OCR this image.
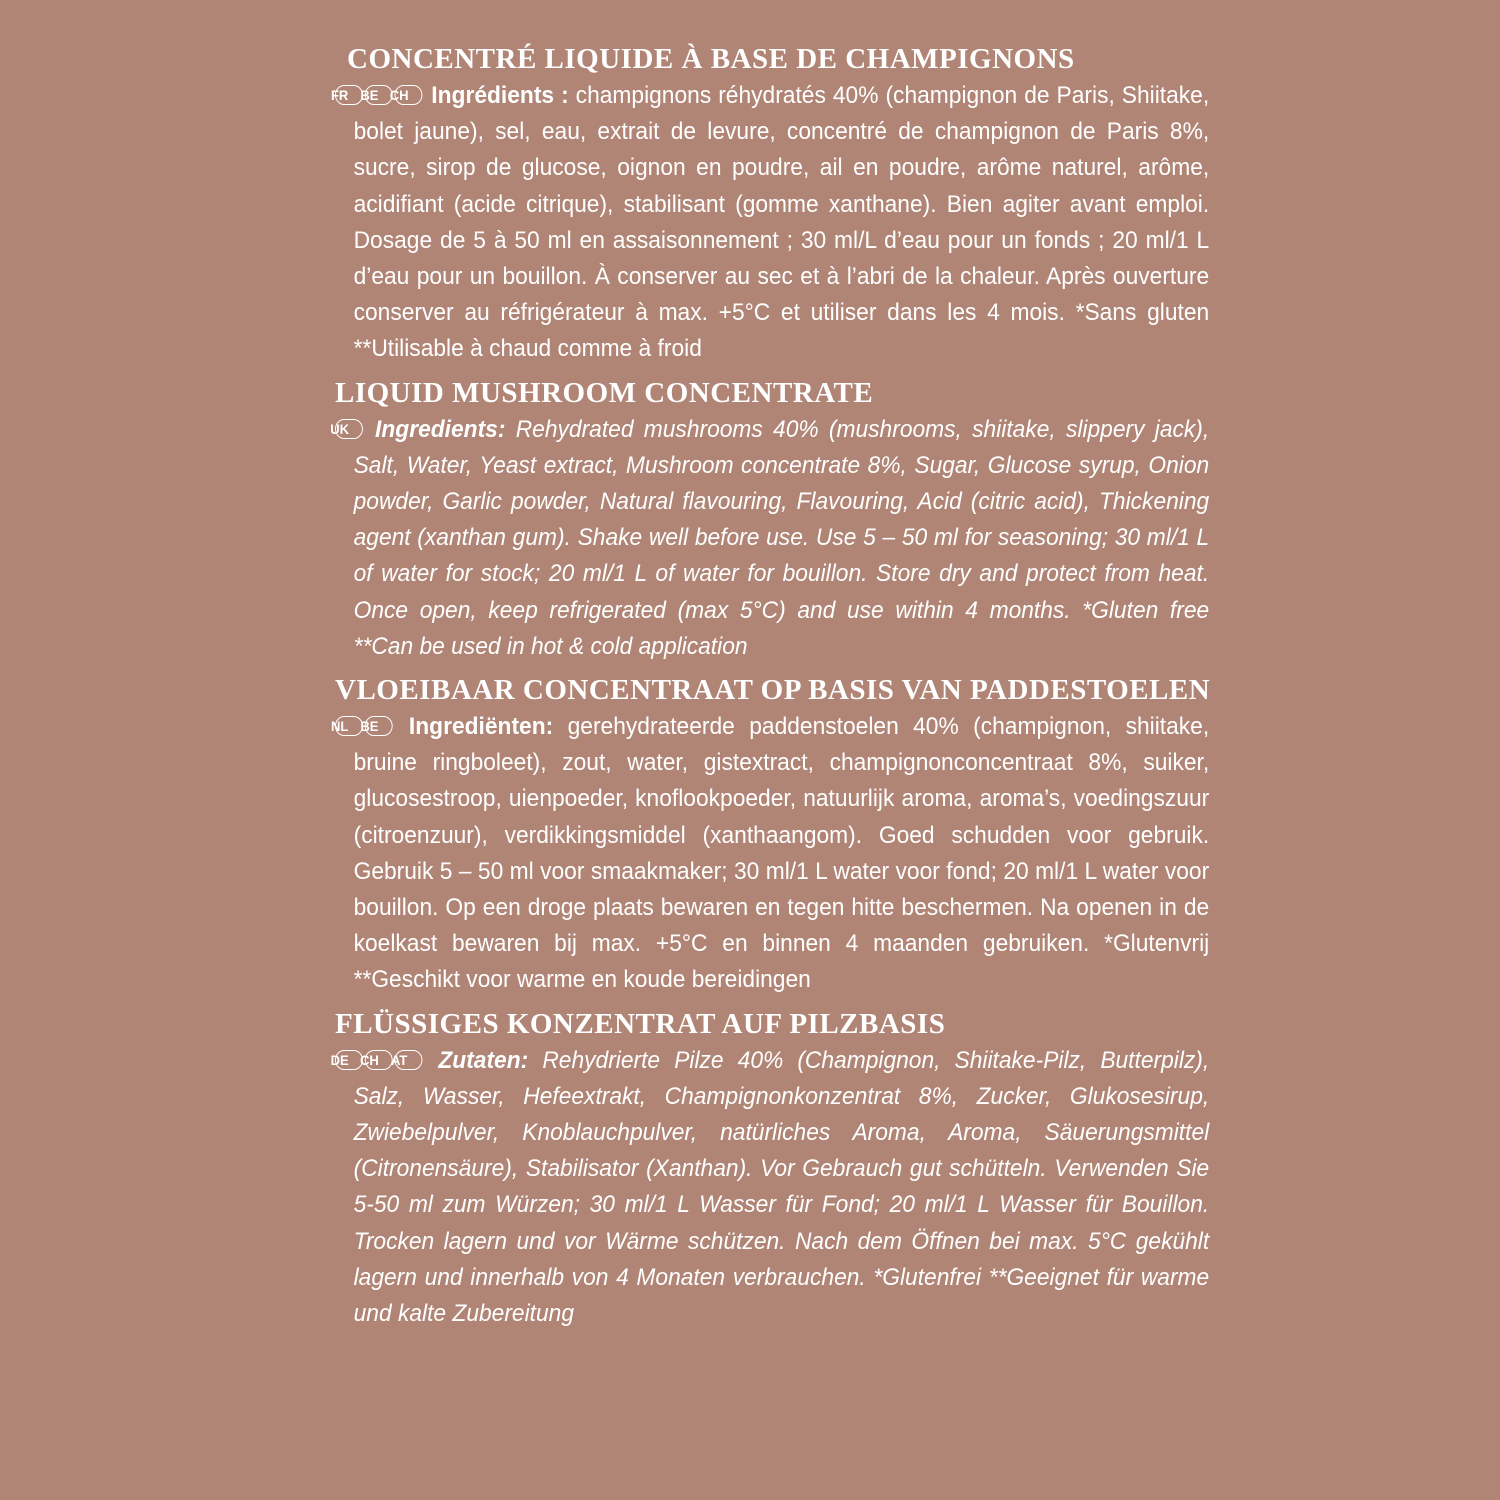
CONCENTRÉ LIQUIDE À BASE DE CHAMPIGNONS

FR BE CH Ingrédients : champignons réhydratés 40% (champignon de Paris, Shiitake, bolet jaune), sel, eau, extrait de levure, concentré de champignon de Paris 8%, sucre, sirop de glucose, oignon en poudre, ail en poudre, arôme naturel, arôme, acidifiant (acide citrique), stabilisant (gomme xanthane). Bien agiter avant emploi. Dosage de 5 à 50 ml en assaisonnement ; 30 ml/L d’eau pour un fonds ; 20 ml/1 L d’eau pour un bouillon. À conserver au sec et à l’abri de la chaleur. Après ouverture conserver au réfrigérateur à max. +5°C et utiliser dans les 4 mois. *Sans gluten **Utilisable à chaud comme à froid

LIQUID MUSHROOM CONCENTRATE

UK Ingredients: Rehydrated mushrooms 40% (mushrooms, shiitake, slippery jack), Salt, Water, Yeast extract, Mushroom concentrate 8%, Sugar, Glucose syrup, Onion powder, Garlic powder, Natural flavouring, Flavouring, Acid (citric acid), Thickening agent (xanthan gum). Shake well before use. Use 5 – 50 ml for seasoning; 30 ml/1 L of water for stock; 20 ml/1 L of water for bouillon. Store dry and protect from heat. Once open, keep refrigerated (max 5°C) and use within 4 months. *Gluten free **Can be used in hot & cold application

VLOEIBAAR CONCENTRAAT OP BASIS VAN PADDESTOELEN

NL BE Ingrediënten: gerehydrateerde paddenstoelen 40% (champignon, shiitake, bruine ringboleet), zout, water, gistextract, champignonconcentraat 8%, suiker, glucosestroop, uienpoeder, knoflookpoeder, natuurlijk aroma, aroma’s, voedingszuur (citroenzuur), verdikkingsmiddel (xanthaangom). Goed schudden voor gebruik. Gebruik 5 – 50 ml voor smaakmaker; 30 ml/1 L water voor fond; 20 ml/1 L water voor bouillon. Op een droge plaats bewaren en tegen hitte beschermen. Na openen in de koelkast bewaren bij max. +5°C en binnen 4 maanden gebruiken. *Glutenvrij **Geschikt voor warme en koude bereidingen

FLÜSSIGES KONZENTRAT AUF PILZBASIS

DE CH AT Zutaten: Rehydrierte Pilze 40% (Champignon, Shiitake-Pilz, Butterpilz), Salz, Wasser, Hefeextrakt, Champignonkonzentrat 8%, Zucker, Glukosesirup, Zwiebelpulver, Knoblauchpulver, natürliches Aroma, Aroma, Säuerungsmittel (Citronensäure), Stabilisator (Xanthan). Vor Gebrauch gut schütteln. Verwenden Sie 5-50 ml zum Würzen; 30 ml/1 L Wasser für Fond; 20 ml/1 L Wasser für Bouillon. Trocken lagern und vor Wärme schützen. Nach dem Öffnen bei max. 5°C gekühlt lagern und innerhalb von 4 Monaten verbrauchen. *Glutenfrei **Geeignet für warme und kalte Zubereitung
